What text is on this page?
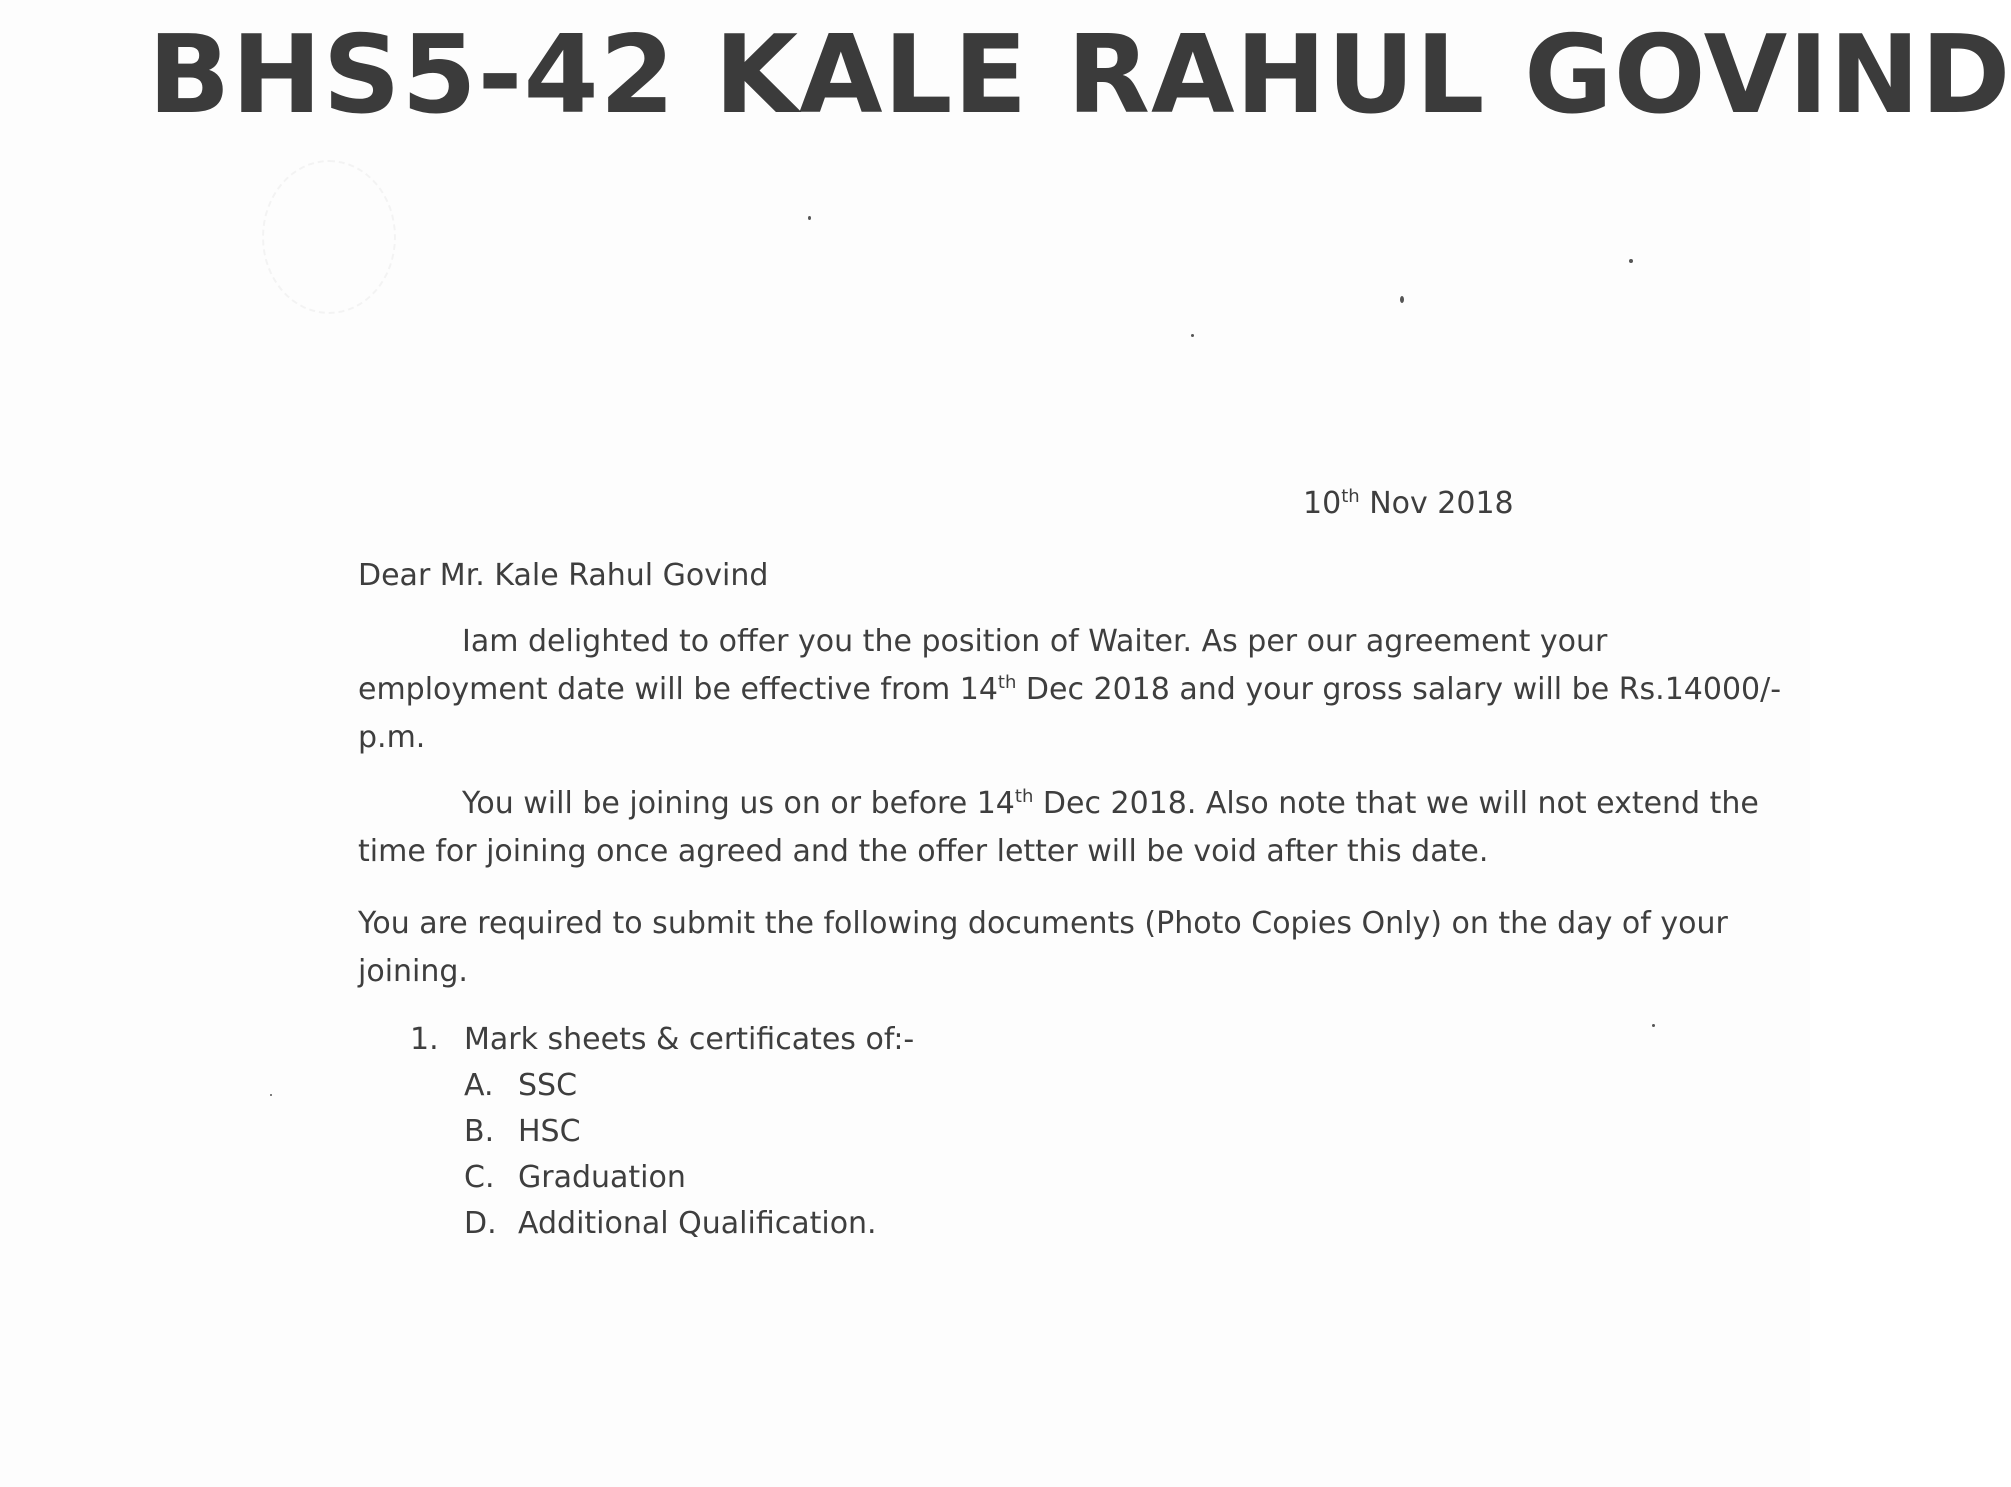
BHS5-42 KALE RAHUL GOVIND
10th Nov 2018
Dear Mr. Kale Rahul Govind
Iam delighted to offer you the position of Waiter. As per our agreement your
employment date will be effective from 14th Dec 2018 and your gross salary will be Rs.14000/-
p.m.
You will be joining us on or before 14th Dec 2018. Also note that we will not extend the
time for joining once agreed and the offer letter will be void after this date.
You are required to submit the following documents (Photo Copies Only) on the day of your
joining.
1. Mark sheets & certificates of:-
A. SSC
B. HSC
C. Graduation
D. Additional Qualification.
